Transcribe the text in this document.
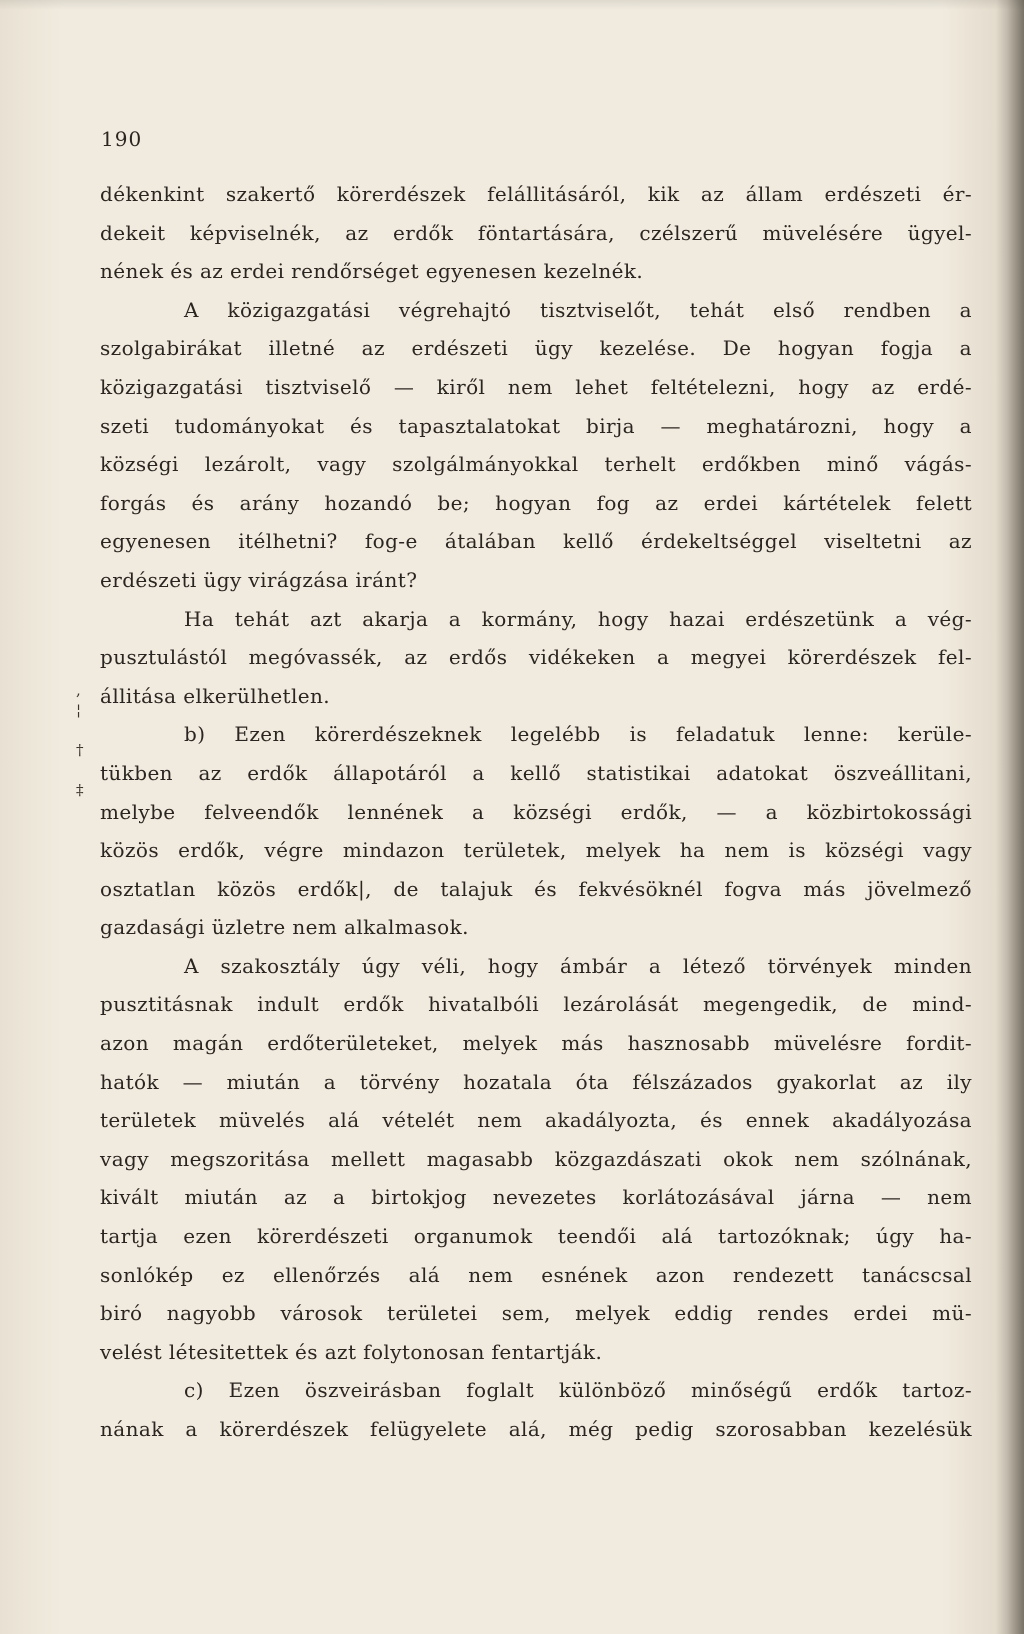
190
,
¦

†

‡
dékenkint szakertő körerdészek felállitásáról, kik az állam erdészeti ér-
dekeit képviselnék, az erdők föntartására, czélszerű müvelésére ügyel-
nének és az erdei rendőrséget egyenesen kezelnék.
A közigazgatási végrehajtó tisztviselőt, tehát első rendben a
szolgabirákat illetné az erdészeti ügy kezelése. De hogyan fogja a
közigazgatási tisztviselő — kiről nem lehet feltételezni, hogy az erdé-
szeti tudományokat és tapasztalatokat birja — meghatározni, hogy a
községi lezárolt, vagy szolgálmányokkal terhelt erdőkben minő vágás-
forgás és arány hozandó be; hogyan fog az erdei kártételek felett
egyenesen itélhetni? fog-e átalában kellő érdekeltséggel viseltetni az
erdészeti ügy virágzása iránt?
Ha tehát azt akarja a kormány, hogy hazai erdészetünk a vég-
pusztulástól megóvassék, az erdős vidékeken a megyei körerdészek fel-
állitása elkerülhetlen.
b) Ezen körerdészeknek legelébb is feladatuk lenne: kerüle-
tükben az erdők állapotáról a kellő statistikai adatokat öszveállitani,
melybe felveendők lennének a községi erdők, — a közbirtokossági
közös erdők, végre mindazon területek, melyek ha nem is községi vagy
osztatlan közös erdők|, de talajuk és fekvésöknél fogva más jövelmező
gazdasági üzletre nem alkalmasok.
A szakosztály úgy véli, hogy ámbár a létező törvények minden
pusztitásnak indult erdők hivatalbóli lezárolását megengedik, de mind-
azon magán erdőterületeket, melyek más hasznosabb müvelésre fordit-
hatók — miután a törvény hozatala óta félszázados gyakorlat az ily
területek müvelés alá vételét nem akadályozta, és ennek akadályozása
vagy megszoritása mellett magasabb közgazdászati okok nem szólnának,
kivált miután az a birtokjog nevezetes korlátozásával járna — nem
tartja ezen körerdészeti organumok teendői alá tartozóknak; úgy ha-
sonlókép ez ellenőrzés alá nem esnének azon rendezett tanácscsal
biró nagyobb városok területei sem, melyek eddig rendes erdei mü-
velést létesitettek és azt folytonosan fentartják.
c) Ezen öszveirásban foglalt különböző minőségű erdők tartoz-
nának a körerdészek felügyelete alá, még pedig szorosabban kezelésük
